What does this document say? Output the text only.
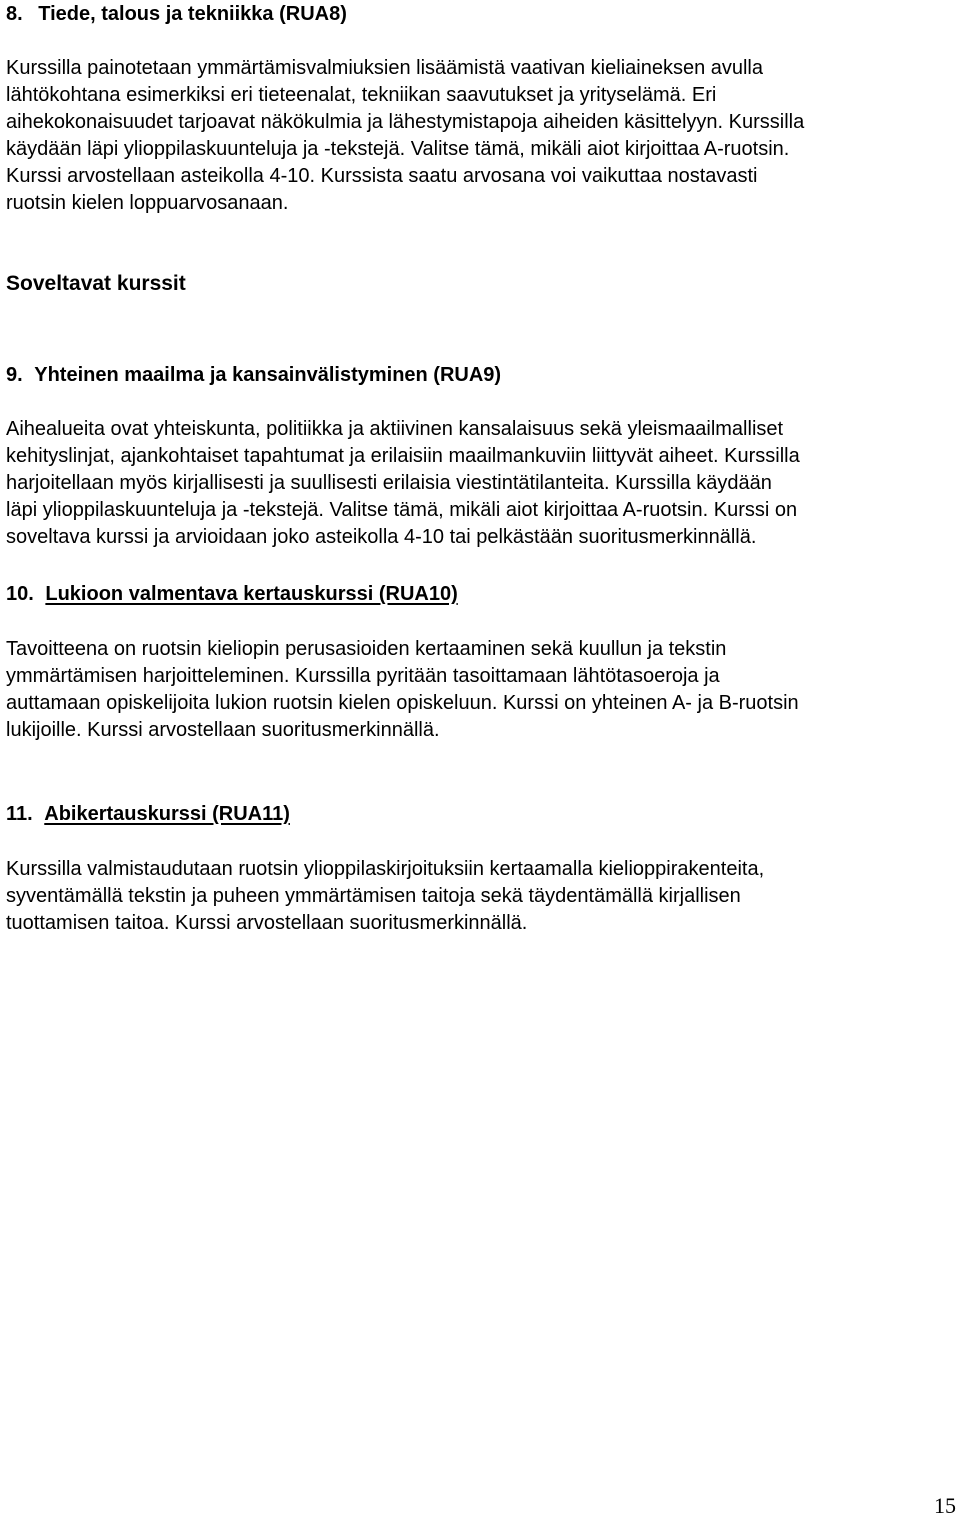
8. Tiede, talous ja tekniikka (RUA8)
Kurssilla painotetaan ymmärtämisvalmiuksien lisäämistä vaativan kieliaineksen avulla
lähtökohtana esimerkiksi eri tieteenalat, tekniikan saavutukset ja yrityselämä. Eri
aihekokonaisuudet tarjoavat näkökulmia ja lähestymistapoja aiheiden käsittelyyn. Kurssilla
käydään läpi ylioppilaskuunteluja ja -tekstejä. Valitse tämä, mikäli aiot kirjoittaa A-ruotsin.
Kurssi arvostellaan asteikolla 4-10. Kurssista saatu arvosana voi vaikuttaa nostavasti
ruotsin kielen loppuarvosanaan.
Soveltavat kurssit
9. Yhteinen maailma ja kansainvälistyminen (RUA9)
Aihealueita ovat yhteiskunta, politiikka ja aktiivinen kansalaisuus sekä yleismaailmalliset
kehityslinjat, ajankohtaiset tapahtumat ja erilaisiin maailmankuviin liittyvät aiheet. Kurssilla
harjoitellaan myös kirjallisesti ja suullisesti erilaisia viestintätilanteita. Kurssilla käydään
läpi ylioppilaskuunteluja ja -tekstejä. Valitse tämä, mikäli aiot kirjoittaa A-ruotsin. Kurssi on
soveltava kurssi ja arvioidaan joko asteikolla 4-10 tai pelkästään suoritusmerkinnällä.
10. Lukioon valmentava kertauskurssi (RUA10)
Tavoitteena on ruotsin kieliopin perusasioiden kertaaminen sekä kuullun ja tekstin
ymmärtämisen harjoitteleminen. Kurssilla pyritään tasoittamaan lähtötasoeroja ja
auttamaan opiskelijoita lukion ruotsin kielen opiskeluun. Kurssi on yhteinen A- ja B-ruotsin
lukijoille. Kurssi arvostellaan suoritusmerkinnällä.
11. Abikertauskurssi (RUA11)
Kurssilla valmistaudutaan ruotsin ylioppilaskirjoituksiin kertaamalla kielioppirakenteita,
syventämällä tekstin ja puheen ymmärtämisen taitoja sekä täydentämällä kirjallisen
tuottamisen taitoa. Kurssi arvostellaan suoritusmerkinnällä.
15
